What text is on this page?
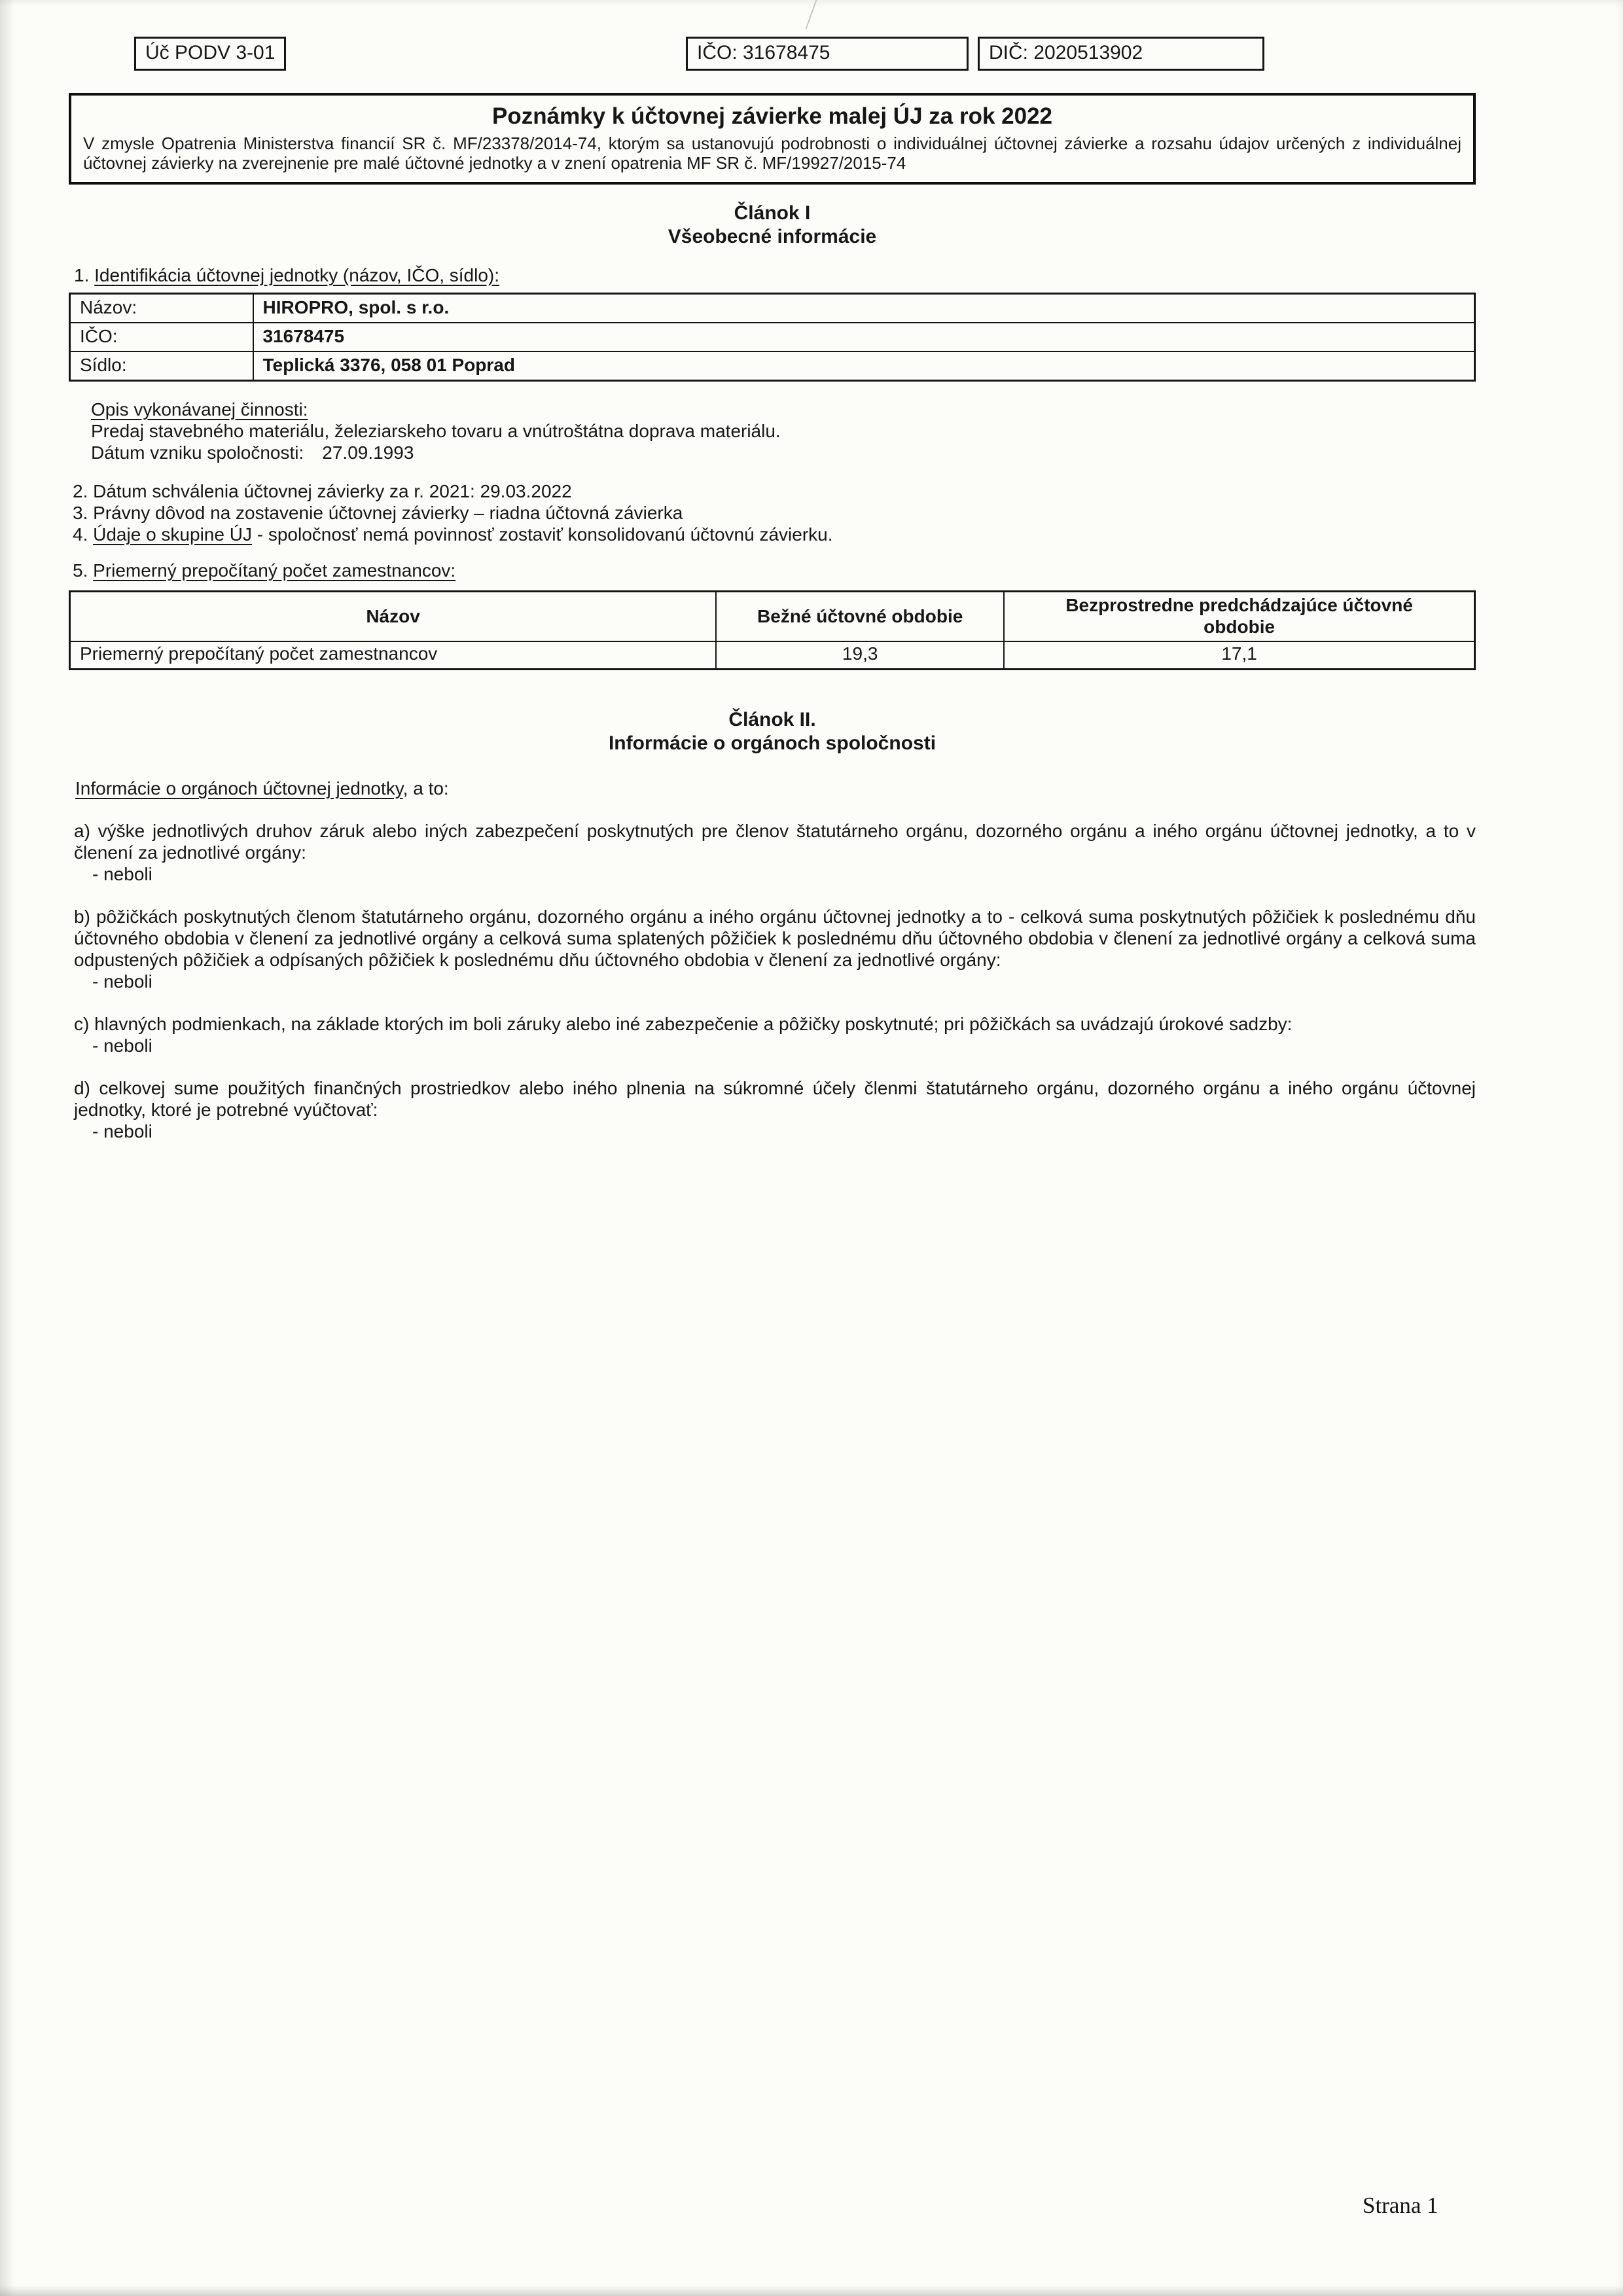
Úč PODV 3-01	IČO: 31678475	DIČ: 2020513902
Poznámky k účtovnej závierke malej ÚJ za rok 2022
V zmysle Opatrenia Ministerstva financií SR č. MF/23378/2014-74, ktorým sa ustanovujú podrobnosti o individuálnej účtovnej závierke a rozsahu údajov určených z individuálnej účtovnej závierky na zverejnenie pre malé účtovné jednotky a v znení opatrenia MF SR č. MF/19927/2015-74
Článok I
Všeobecné informácie
1. Identifikácia účtovnej jednotky (názov, IČO, sídlo):
Názov:	HIROPRO, spol. s r.o.
IČO:	31678475
Sídlo:	Teplická 3376, 058 01 Poprad
Opis vykonávanej činnosti:
Predaj stavebného materiálu, železiarskeho tovaru a vnútroštátna doprava materiálu.
Dátum vzniku spoločnosti: 27.09.1993
2. Dátum schválenia účtovnej závierky za r. 2021: 29.03.2022
3. Právny dôvod na zostavenie účtovnej závierky – riadna účtovná závierka
4. Údaje o skupine ÚJ - spoločnosť nemá povinnosť zostaviť konsolidovanú účtovnú závierku.
5. Priemerný prepočítaný počet zamestnancov:
Názov	Bežné účtovné obdobie	Bezprostredne predchádzajúce účtovné obdobie
Priemerný prepočítaný počet zamestnancov	19,3	17,1
Článok II.
Informácie o orgánoch spoločnosti
Informácie o orgánoch účtovnej jednotky, a to:
a) výške jednotlivých druhov záruk alebo iných zabezpečení poskytnutých pre členov štatutárneho orgánu, dozorného orgánu a iného orgánu účtovnej jednotky, a to v členení za jednotlivé orgány:
- neboli
b) pôžičkách poskytnutých členom štatutárneho orgánu, dozorného orgánu a iného orgánu účtovnej jednotky a to - celková suma poskytnutých pôžičiek k poslednému dňu účtovného obdobia v členení za jednotlivé orgány a celková suma splatených pôžičiek k poslednému dňu účtovného obdobia v členení za jednotlivé orgány a celková suma odpustených pôžičiek a odpísaných pôžičiek k poslednému dňu účtovného obdobia v členení za jednotlivé orgány:
- neboli
c) hlavných podmienkach, na základe ktorých im boli záruky alebo iné zabezpečenie a pôžičky poskytnuté; pri pôžičkách sa uvádzajú úrokové sadzby:
- neboli
d) celkovej sume použitých finančných prostriedkov alebo iného plnenia na súkromné účely členmi štatutárneho orgánu, dozorného orgánu a iného orgánu účtovnej jednotky, ktoré je potrebné vyúčtovať:
- neboli
Strana 1
